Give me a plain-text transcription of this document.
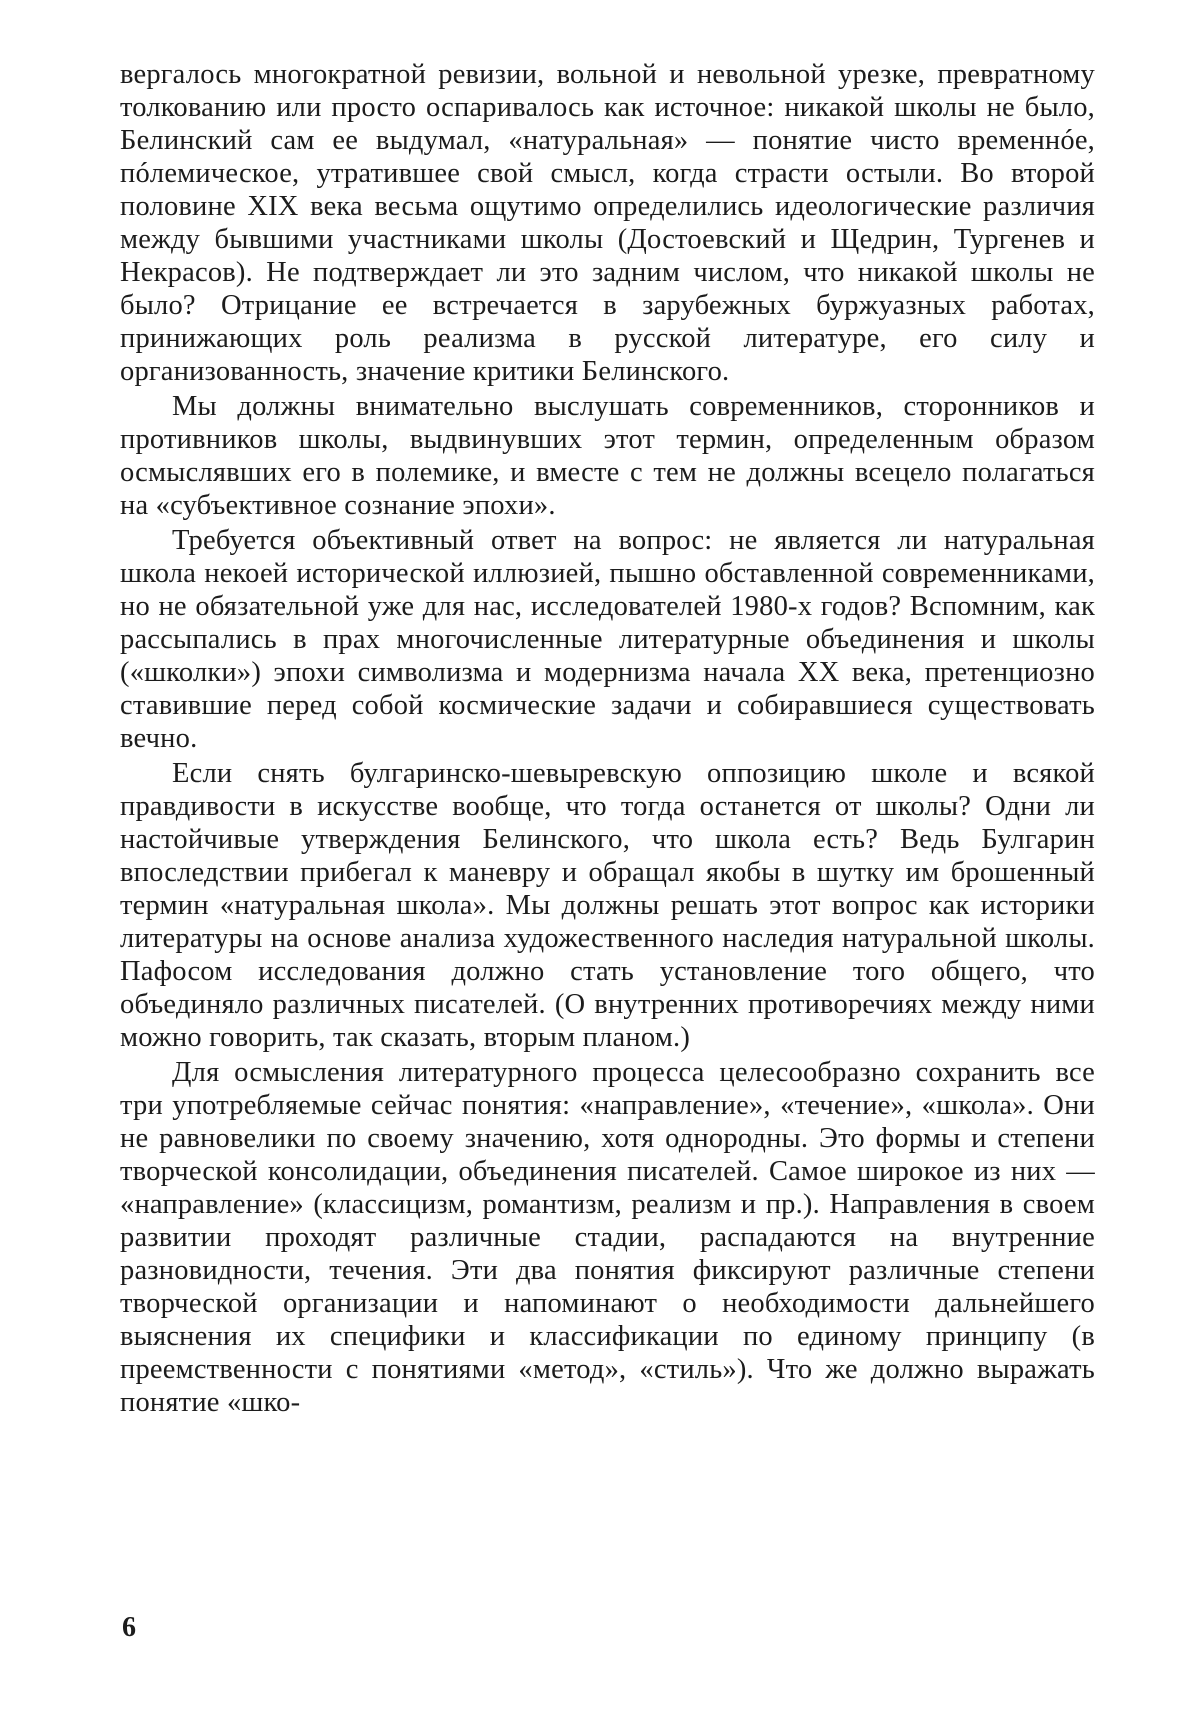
вергалось многократной ревизии, вольной и невольной урезке, превратному толкованию или просто оспаривалось как источное: никакой школы не было, Белинский сам ее выдумал, «натуральная» — понятие чисто временнóе, пóлемическое, утратившее свой смысл, когда страсти остыли. Во второй половине XIX века весьма ощутимо определились идеологические различия между бывшими участниками школы (Достоевский и Щедрин, Тургенев и Некрасов). Не подтверждает ли это задним числом, что никакой школы не было? Отрицание ее встречается в зарубежных буржуазных работах, принижающих роль реализма в русской литературе, его силу и организованность, значение критики Белинского.

Мы должны внимательно выслушать современников, сторонников и противников школы, выдвинувших этот термин, определенным образом осмыслявших его в полемике, и вместе с тем не должны всецело полагаться на «субъективное сознание эпохи».

Требуется объективный ответ на вопрос: не является ли натуральная школа некоей исторической иллюзией, пышно обставленной современниками, но не обязательной уже для нас, исследователей 1980-х годов? Вспомним, как рассыпались в прах многочисленные литературные объединения и школы («школки») эпохи символизма и модернизма начала XX века, претенциозно ставившие перед собой космические задачи и собиравшиеся существовать вечно.

Если снять булгаринско-шевыревскую оппозицию школе и всякой правдивости в искусстве вообще, что тогда останется от школы? Одни ли настойчивые утверждения Белинского, что школа есть? Ведь Булгарин впоследствии прибегал к маневру и обращал якобы в шутку им брошенный термин «натуральная школа». Мы должны решать этот вопрос как историки литературы на основе анализа художественного наследия натуральной школы. Пафосом исследования должно стать установление того общего, что объединяло различных писателей. (О внутренних противоречиях между ними можно говорить, так сказать, вторым планом.)

Для осмысления литературного процесса целесообразно сохранить все три употребляемые сейчас понятия: «направление», «течение», «школа». Они не равновелики по своему значению, хотя однородны. Это формы и степени творческой консолидации, объединения писателей. Самое широкое из них — «направление» (классицизм, романтизм, реализм и пр.). Направления в своем развитии проходят различные стадии, распадаются на внутренние разновидности, течения. Эти два понятия фиксируют различные степени творческой организации и напоминают о необходимости дальнейшего выяснения их специфики и классификации по единому принципу (в преемственности с понятиями «метод», «стиль»). Что же должно выражать понятие «шко-

6
